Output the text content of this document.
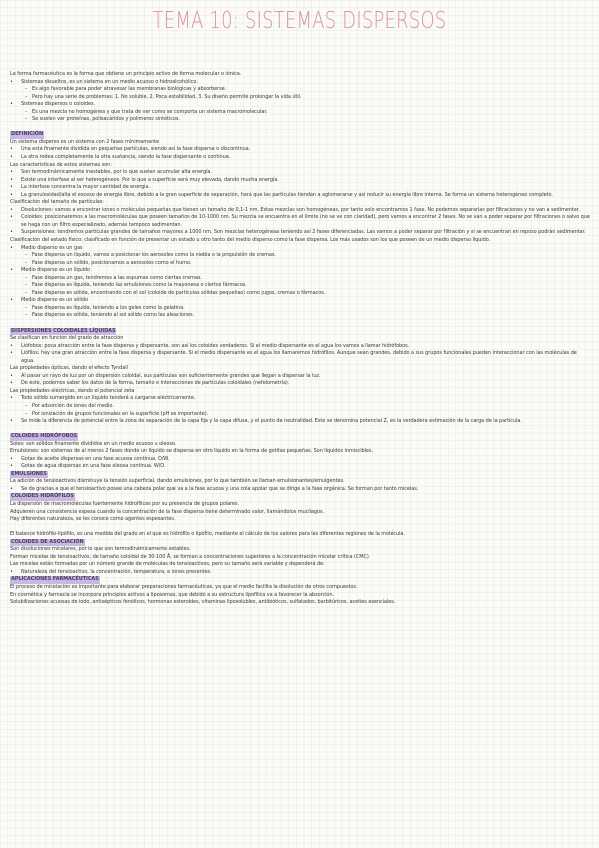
TEMA 10: SISTEMAS DISPERSOS
La forma farmacéutica es la forma que obtiene un principio activo de forma molecular o iónica.
• Sistemas disueltos, es un sistema en un medio acuoso o hidroalcohólico.
– Es algo favorable para poder atravesar las membranas biológicas y absorberse.
– Pero hay una serie de problemas: 1. No soluble, 2. Poca estabilidad, 3. Su diseño permite prolongar la vida útil.
• Sistemas dispersos o coloides.
– Es una mezcla no homogénea y que trata de ver como se comporta un sistema macromolecular.
– Se suelen ver proteínas, polisacáridos y polímeros sintéticos.
DEFINICIÓN
Un sistema disperso es un sistema con 2 fases mínimamente
• Una está finamente dividida en pequeñas partículas, siendo así la fase dispersa o discontinua.
• La otra rodea completamente la otra sustancia, siendo la fase dispersante o continua.
Las características de estos sistemas son:
• Son termodinámicamente inestables, por lo que suelen acumular alta energía.
• Existe una interfase al ser heterogéneos. Por lo que a superficie será muy elevada, dando mucha energía.
• La interfase concentra la mayor cantidad de energía.
• La granulosidad/alta el exceso de energía libre, debido a la gran superficie de separación, hará que las partículas tiendan a aglomerarse y así reducir su energía libre interna. Se forma un sistema heterogéneo completo.
Clasificación del tamaño de partículas:
• Disoluciones: vamos a encontrar iones o moléculas pequeñas que tienen un tamaño de 0,1-1 nm. Estas mezclas son homogéneas, por tanto solo encontramos 1 fase. No podemos separarlas por filtraciones y no van a sedimentar.
• Coloides: posicionaremos a las macromoléculas que poseen tamaños de 10-1000 nm. Su mezcla se encuentra en el límite (no se ve con claridad), pero vamos a encontrar 2 fases. No se van a poder separar por filtraciones o salvo que se haga con un filtro especializado, además tampoco sedimentan.
• Suspensiones: tendremos partículas grandes de tamaños mayores a 1000 nm. Son mezclas heterogéneas teniendo así 2 fases diferenciadas. Las vamos a poder separar por filtración y si se encuentran en reposo podrán sedimentar.
Clasificación del estado físico: clasificado en función de presentar un estado u otro tanto del medio disperso como la fase dispersa. Los más usados son los que poseen de un medio disperso líquido.
• Medio disperso es un gas
– Fase dispersa un líquido, vamos a posicionar los aerosoles como la niebla o la propulsión de cremas.
– Fase dispersa un sólido, posicionamos a aerosoles como el humo.
• Medio disperso es un líquido
– Fase dispersa un gas, tendremos a las espumas como ciertas cremas.
– Fase dispersa es líquida, teniendo las emulsiones como la mayonesa o ciertos fármacos.
– Fase dispersa es sólida, encontrando con el sol (coloide de partículas sólidas pequeñas) como jugos, cremas o fármacos.
• Medio disperso es un sólido
– Fase dispersa es líquida, teniendo a los geles como la gelatina.
– Fase dispersa es sólida, teniendo al sol sólido como las aleaciones.
DISPERSIONES COLOIDALES LÍQUIDAS
Se clasifican en función del grado de atracción
• Liófobos: poca atracción entre la fase dispersa y dispersante, son así los coloides verdaderos. Si el medio dispersante es el agua los vamos a llamar hidrófobos.
• Liófilos: hay una gran atracción entre la fase dispersa y dispersante. Si el medio dispersante es el agua los llamaremos hidrófilos. Aunque sean grandes, debido a sus grupos funcionales pueden interaccionar con las moléculas de agua.
Las propiedades ópticas, dando el efecto Tyndall
• Al pasar un rayo de luz por un dispersión coloidal, sus partículas son suficientemente grandes que llegan a dispersar la luz.
• De este, podemos saber los datos de la forma, tamaño e interacciones de partículas coloidales (nefelometría).
Las propiedades eléctricas, dando el potencial zeta
• Todo sólido sumergido en un líquido tenderá a cargarse eléctricamente.
– Por adsorción de iones del medio.
– Por ionización de grupos funcionales en la superficie (pH es importante).
• Se mide la diferencia de potencial entre la zona de separación de la capa fija y la capa difusa, y el punto de neutralidad. Este se denomina potencial Z, es la verdadera estimación de la carga de la partícula.
COLOIDES HIDRÓFOBOS
Soles: son sólidos finamente divididos en un medio acuoso u oleoso.
Emulsiones: son sistemas de al menos 2 fases donde un líquido se dispersa en otro líquido en la forma de gotitas pequeñas. Son líquidos inmiscibles.
• Gotas de aceite dispersas en una fase acuosa continua. O/W.
• Gotas de agua dispersas en una fase oleosa continua. W/O.
EMULSIONES
La adición de tensioactivos disminuye la tensión superficial, dando emulsiones, por lo que también se llaman emulsionantes/emulgentes.
• Se da gracias a que el tensioactivo posee una cabeza polar que va a la fase acuosa y una cola apolar que se dirige a la fase orgánica. Se forman por tanto micelas.
COLOIDES HIDRÓFILOS
La dispersión de macromoléculas fuertemente hidrofílicas por su presencia de grupos polares.
Adquieren una consistencia espesa cuando la concentración de la fase dispersa tiene determinado valor, llamándolos mucílagos.
Hay diferentes naturaleza, se les conoce como agentes espesantes.
El balance hidrófilo-lipófilo, es una medida del grado en el que es hidrófilo o lipófilo, mediante el cálculo de los valores para las diferentes regiones de la molécula.
COLOIDES DE ASOCIACIÓN
Son disoluciones micelares, por lo que son termodinámicamente estables.
Forman micelas de tensioactivos, de tamaño coloidal de 30-100 Å, se forman a concentraciones superiores a la concentración micelar crítica (CMC).
Las micelas están formadas por un número grande de moléculas de tensioactivos, pero su tamaño será variable y dependerá de:
• Naturaleza del tensioactivo, la concentración, temperatura, e iones presentes.
APLICACIONES FARMACÉUTICAS
El proceso de micelación es importante para elaborar preparaciones farmacéuticas, ya que el medio facilita la disolución de otros compuestos.
En cosmética y farmacia se incorpora principios activos a liposomas, que debido a su estructura lipofílica va a favorecer la absorción.
Solubilizaciones acuosas de iodo, antisépticos fenólicos, hormonas esteroides, vitaminas liposolubles, antibióticos, sulfatados, barbitúricos, aceites esenciales.
